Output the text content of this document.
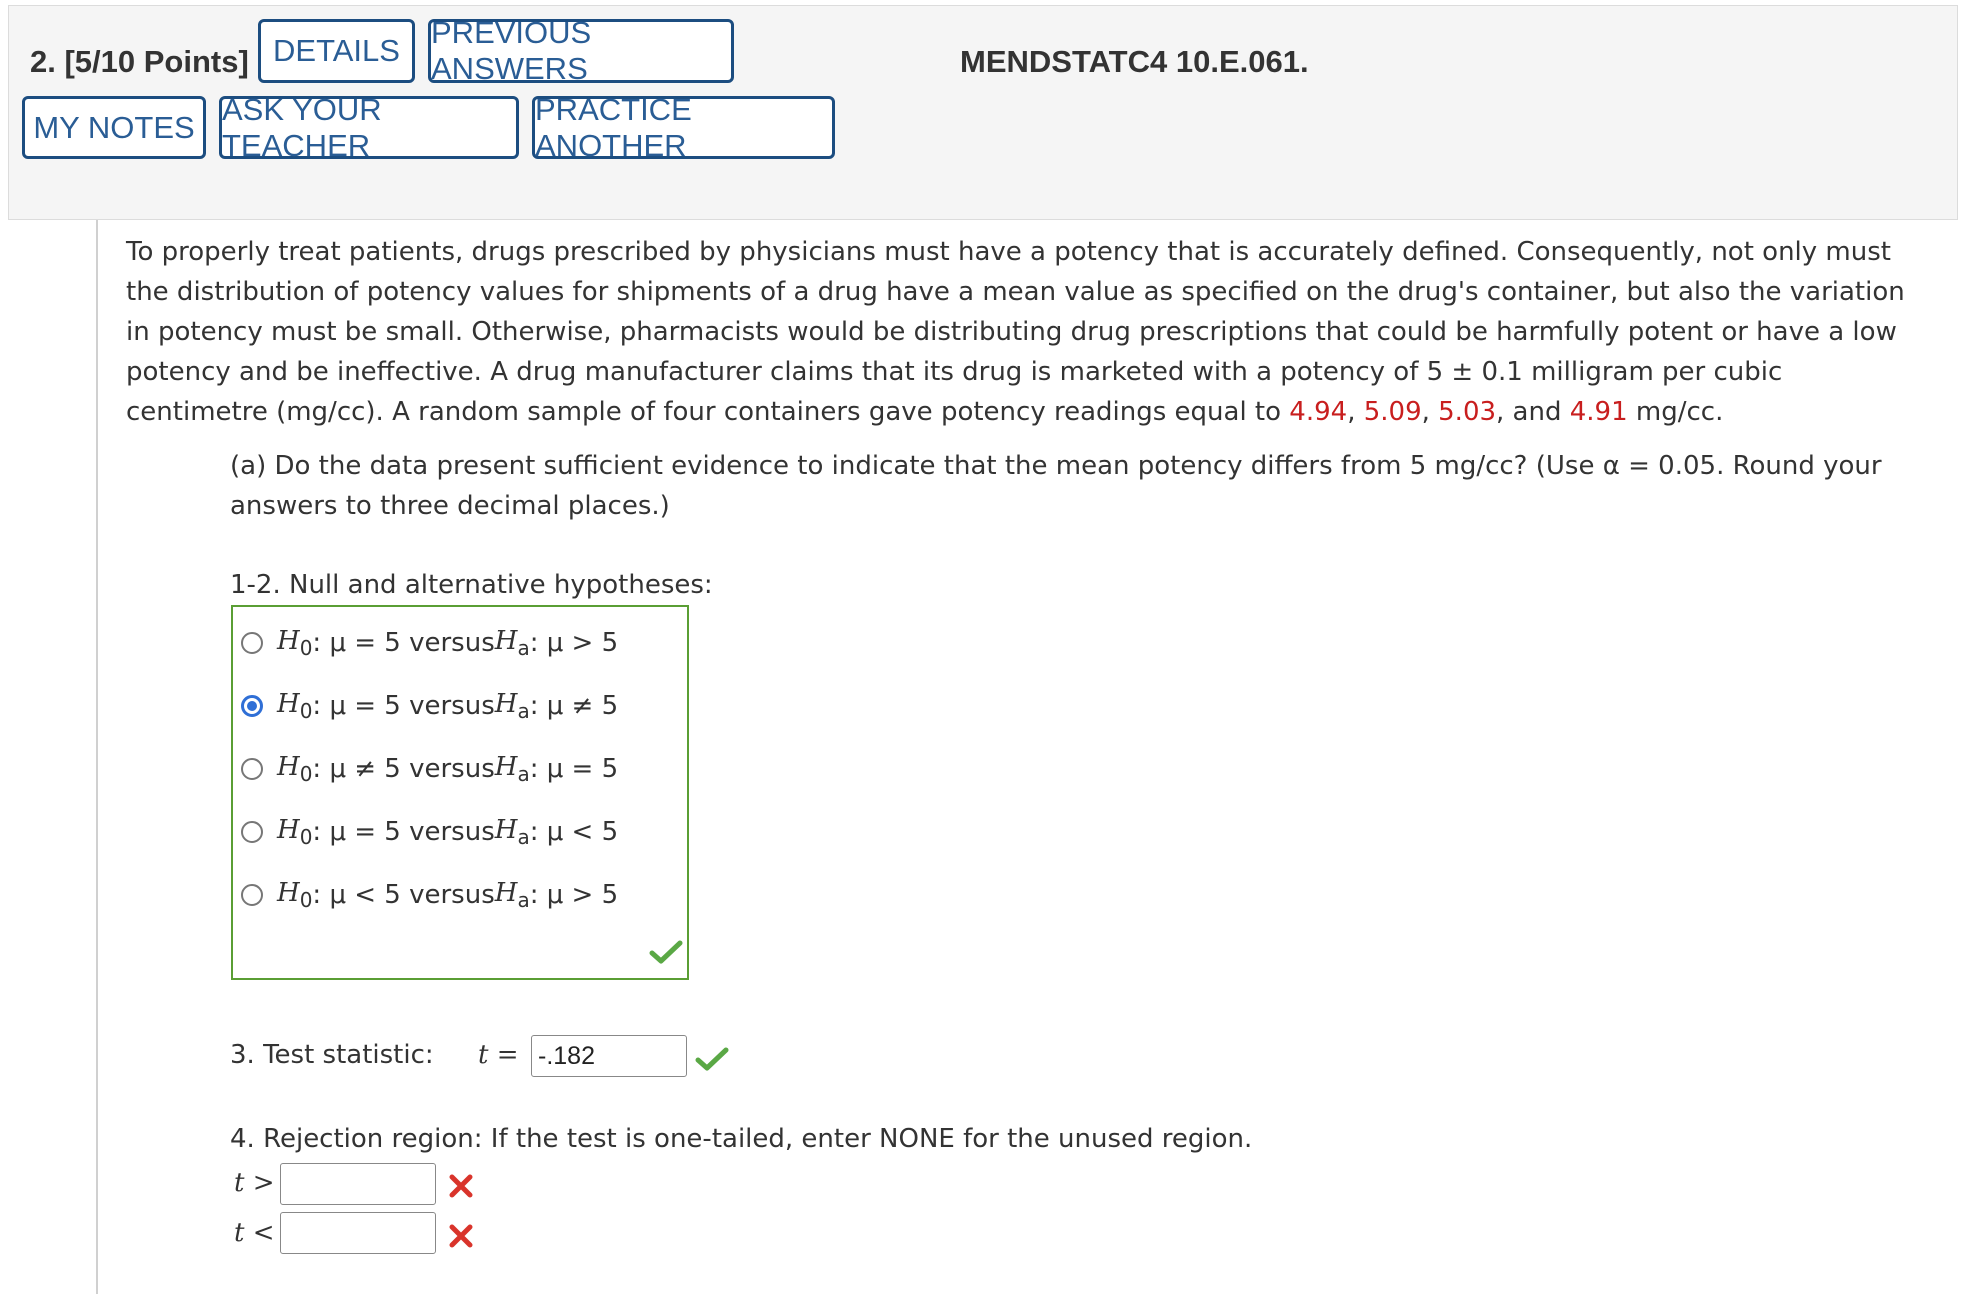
2. [5/10 Points] DETAILS
PREVIOUS ANSWERS	MENDSTATC4 10.E.061.
MY NOTES
ASK YOUR TEACHER
PRACTICE ANOTHER
To properly treat patients, drugs prescribed by physicians must have a potency that is accurately defined. Consequently, not only must the distribution of potency values for shipments of a drug have a mean value as specified on the drug's container, but also the variation in potency must be small. Otherwise, pharmacists would be distributing drug prescriptions that could be harmfully potent or have a low potency and be ineffective. A drug manufacturer claims that its drug is marketed with a potency of 5 ± 0.1 milligram per cubic centimetre (mg/cc). A random sample of four containers gave potency readings equal to 4.94, 5.09, 5.03, and 4.91 mg/cc.
(a) Do the data present sufficient evidence to indicate that the mean potency differs from 5 mg/cc? (Use α = 0.05. Round your answers to three decimal places.)
1-2. Null and alternative hypotheses:
$H_0$ : μ = 5 versus $H_a$ : μ > 5
$H_0$ : μ = 5 versus $H_a$ : μ ≠ 5
$H_0$ : μ ≠ 5 versus $H_a$ : μ = 5
$H_0$ : μ = 5 versus $H_a$ : μ < 5
$H_0$ : μ < 5 versus $H_a$ : μ > 5
3. Test statistic: t = -.182
4. Rejection region: If the test is one-tailed, enter NONE for the unused region.
t >
t <
